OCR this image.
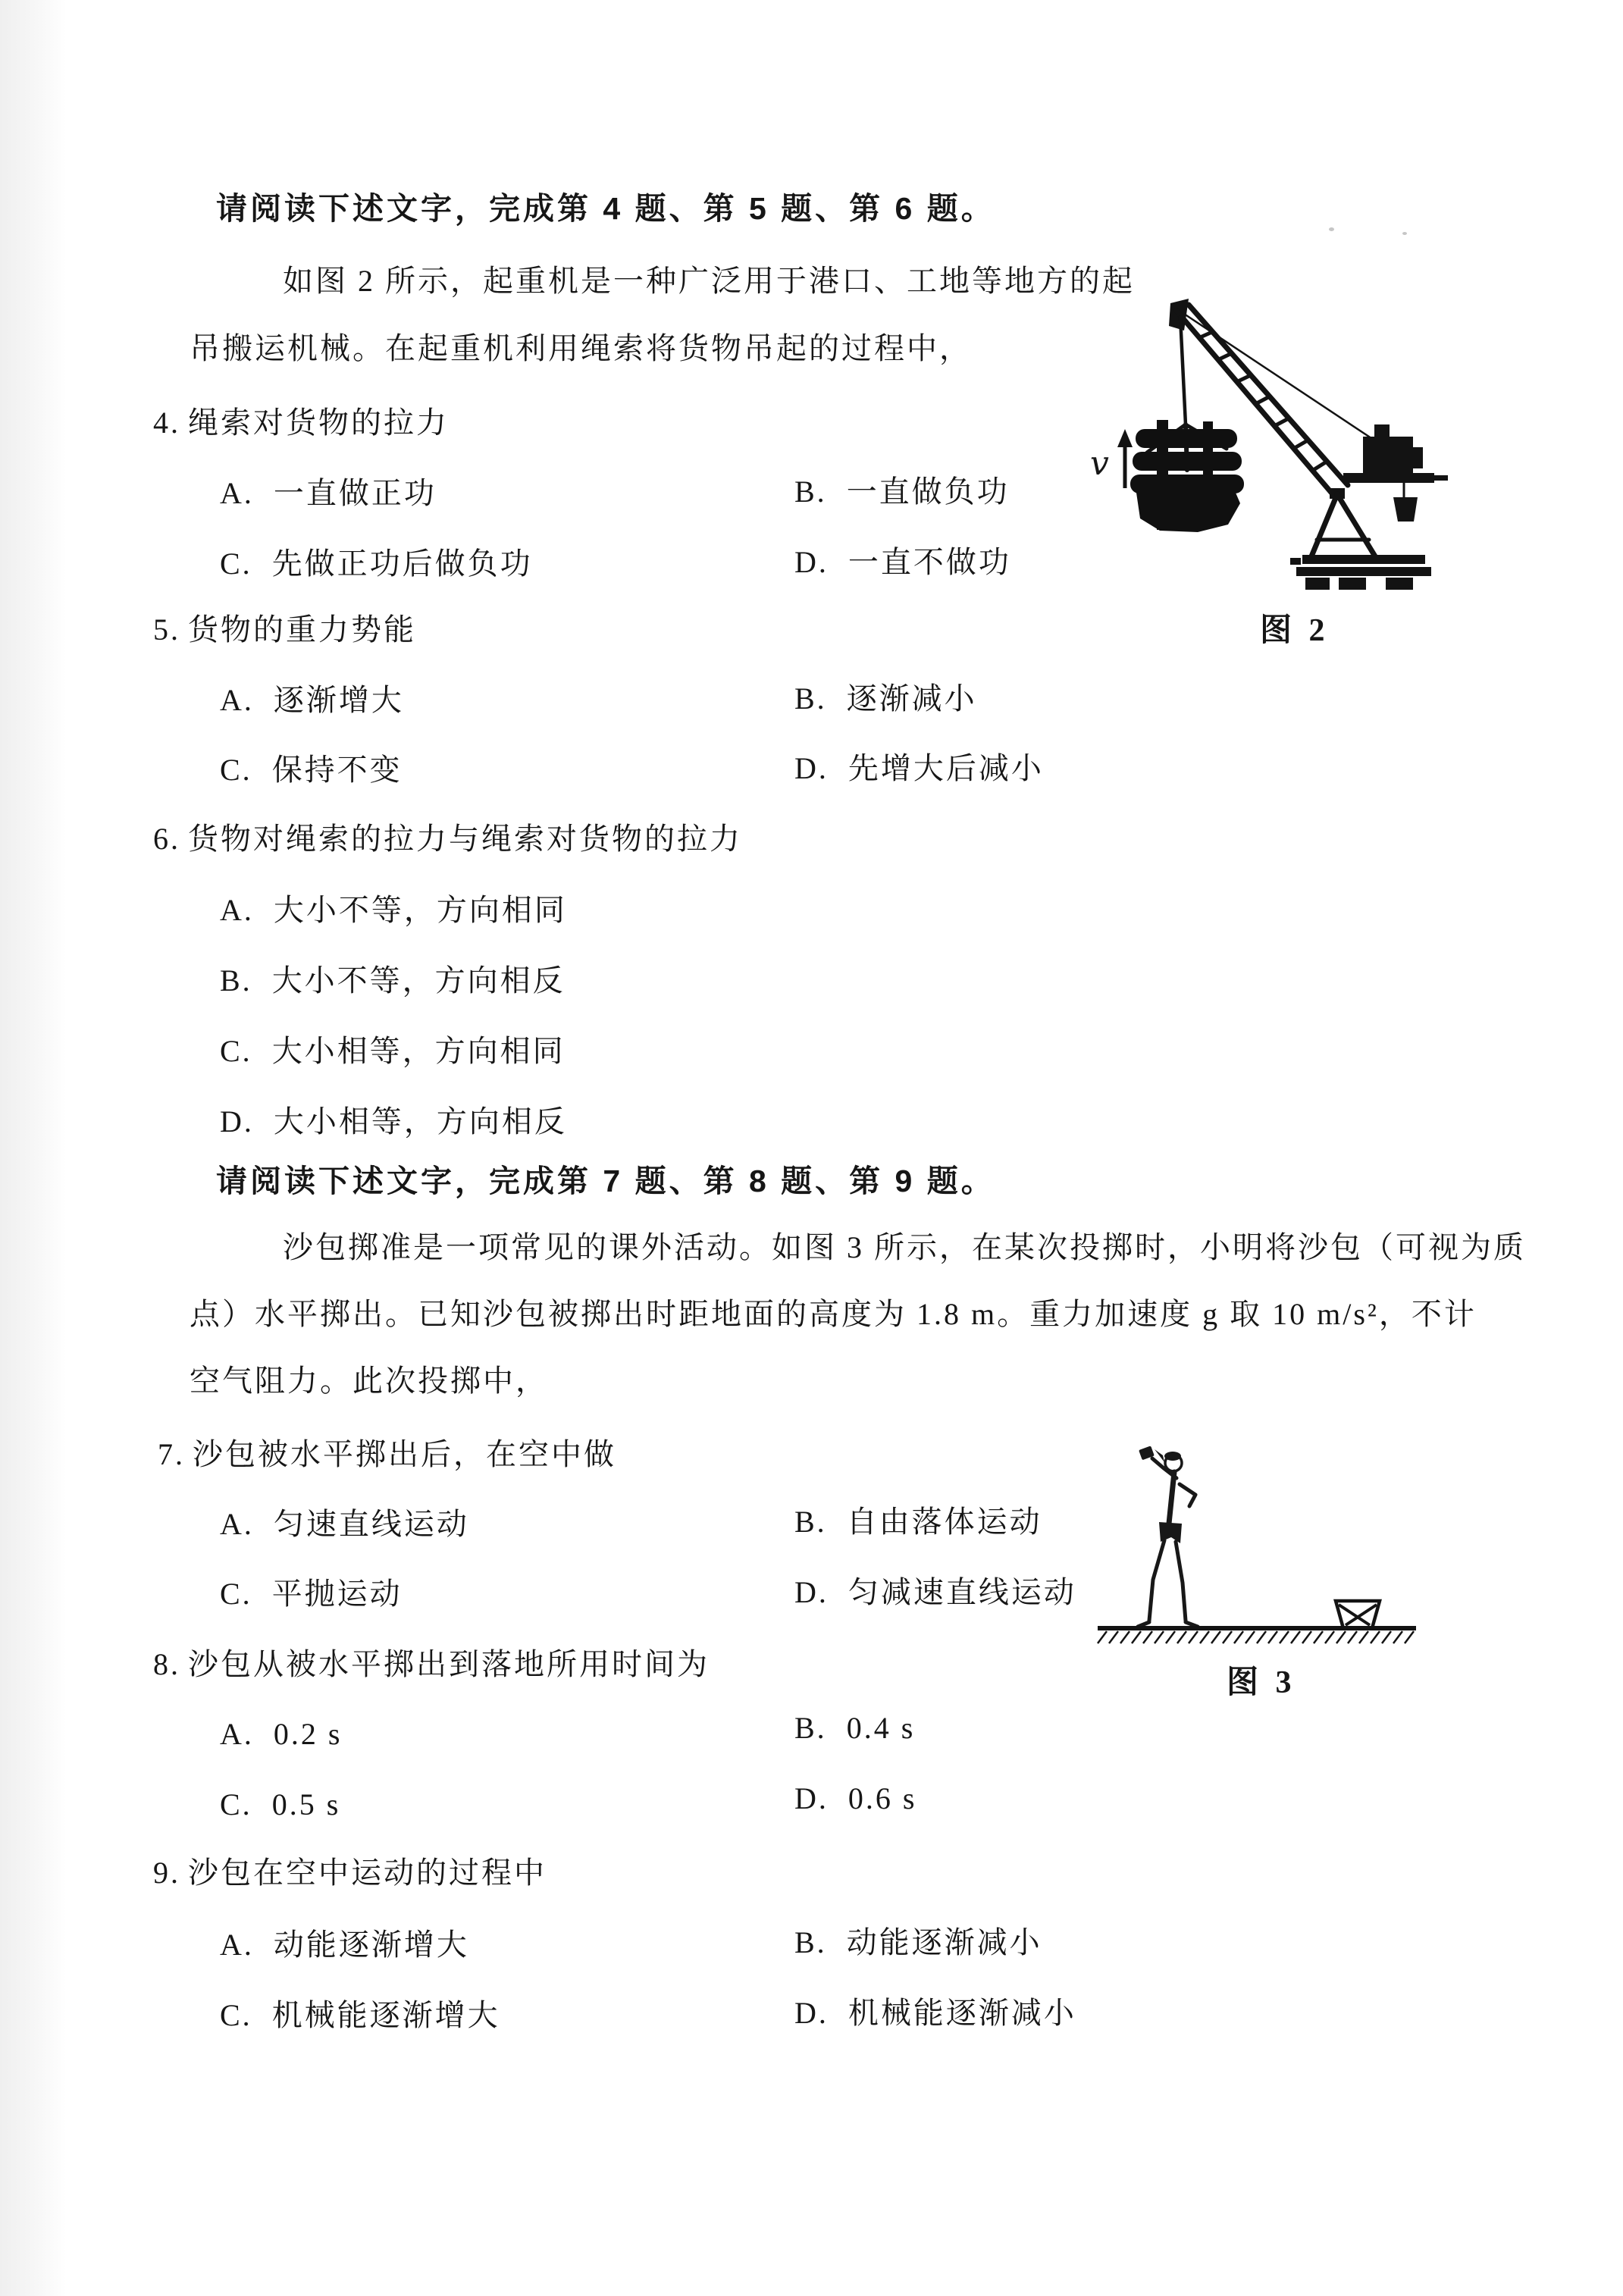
请阅读下述文字，完成第 4 题、第 5 题、第 6 题。
如图 2 所示，起重机是一种广泛用于港口、工地等地方的起
吊搬运机械。在起重机利用绳索将货物吊起的过程中，
v
图 2
4. 绳索对货物的拉力
A. 一直做正功	B. 一直做负功
C. 先做正功后做负功	D. 一直不做功
5. 货物的重力势能
A. 逐渐增大	B. 逐渐减小
C. 保持不变	D. 先增大后减小
6. 货物对绳索的拉力与绳索对货物的拉力
A. 大小不等，方向相同
B. 大小不等，方向相反
C. 大小相等，方向相同
D. 大小相等，方向相反
请阅读下述文字，完成第 7 题、第 8 题、第 9 题。
沙包掷准是一项常见的课外活动。如图 3 所示，在某次投掷时，小明将沙包（可视为质
点）水平掷出。已知沙包被掷出时距地面的高度为 1.8 m。重力加速度 g 取 10 m/s²，不计
空气阻力。此次投掷中，
图 3
7. 沙包被水平掷出后，在空中做
A. 匀速直线运动	B. 自由落体运动
C. 平抛运动	D. 匀减速直线运动
8. 沙包从被水平掷出到落地所用时间为
A. 0.2 s	B. 0.4 s
C. 0.5 s	D. 0.6 s
9. 沙包在空中运动的过程中
A. 动能逐渐增大	B. 动能逐渐减小
C. 机械能逐渐增大	D. 机械能逐渐减小
